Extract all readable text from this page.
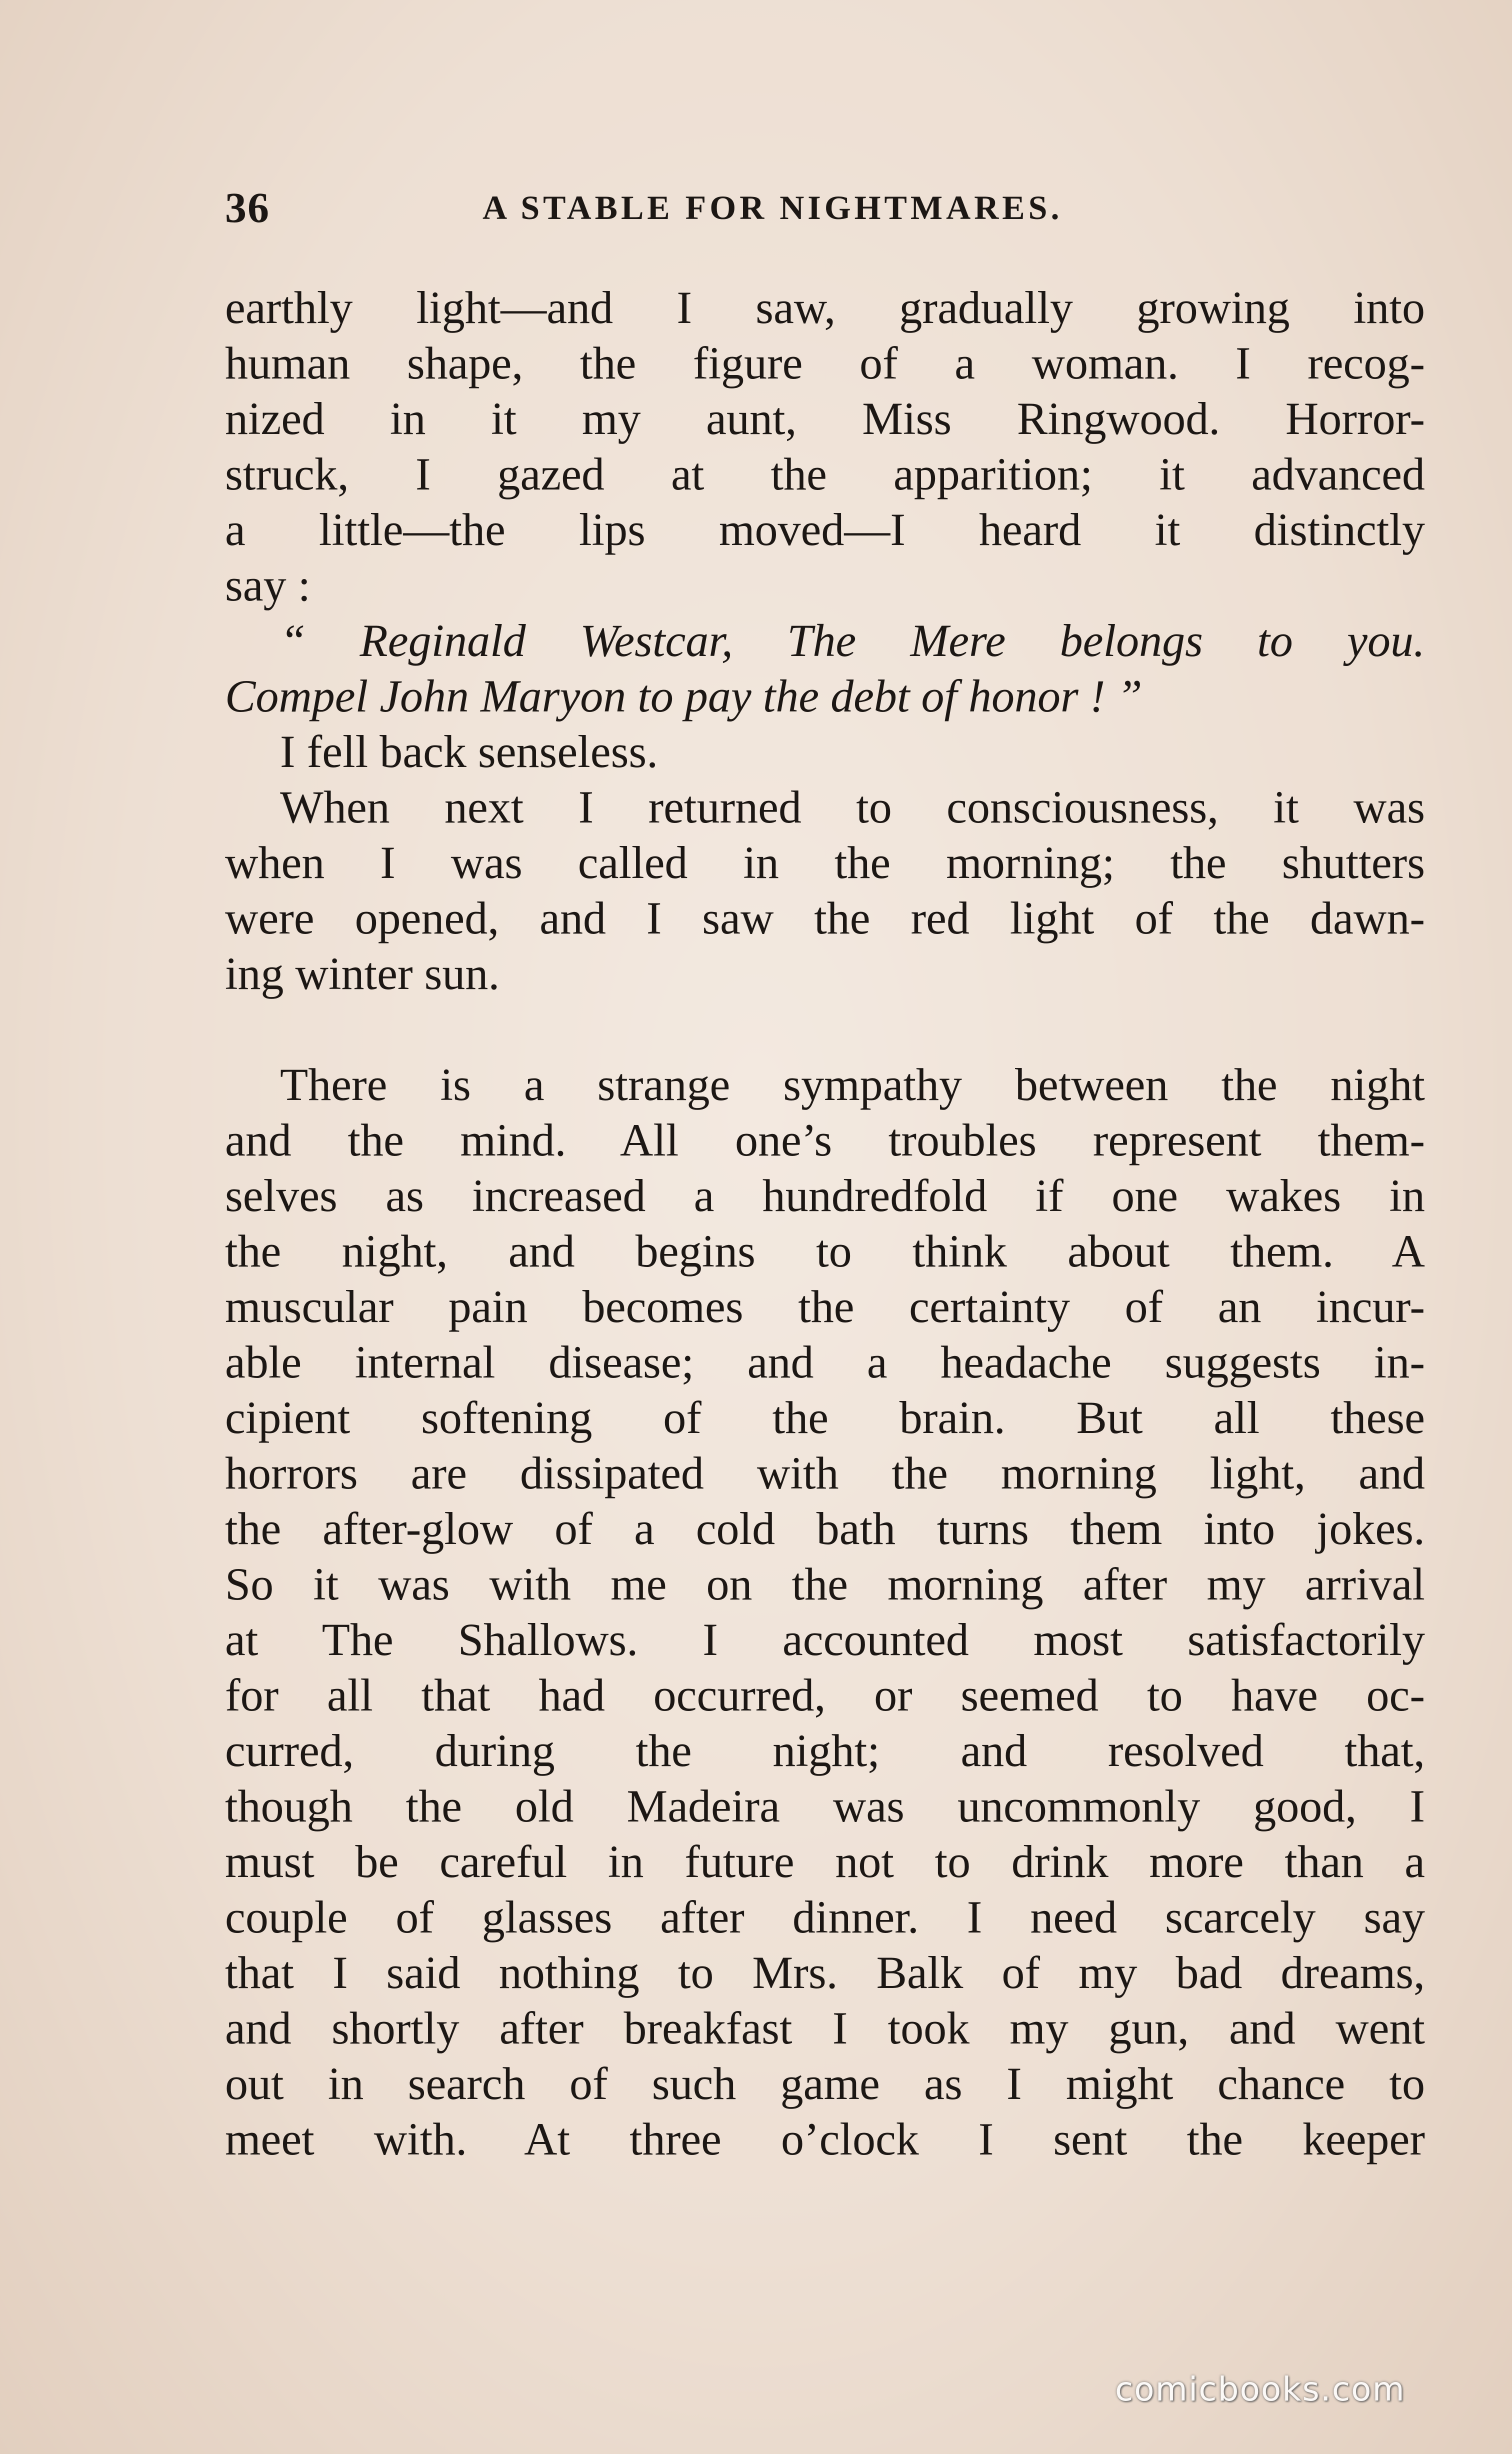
36	A STABLE FOR NIGHTMARES.
earthly light—and I saw, gradually growing into
human shape, the figure of a woman. I recog-
nized in it my aunt, Miss Ringwood. Horror-
struck, I gazed at the apparition; it advanced
a little—the lips moved—I heard it distinctly
say :
“ Reginald Westcar, The Mere belongs to you.
Compel John Maryon to pay the debt of honor ! ”
I fell back senseless.
When next I returned to consciousness, it was
when I was called in the morning; the shutters
were opened, and I saw the red light of the dawn-
ing winter sun.
There is a strange sympathy between the night
and the mind. All one’s troubles represent them-
selves as increased a hundredfold if one wakes in
the night, and begins to think about them. A
muscular pain becomes the certainty of an incur-
able internal disease; and a headache suggests in-
cipient softening of the brain. But all these
horrors are dissipated with the morning light, and
the after-glow of a cold bath turns them into jokes.
So it was with me on the morning after my arrival
at The Shallows. I accounted most satisfactorily
for all that had occurred, or seemed to have oc-
curred, during the night; and resolved that,
though the old Madeira was uncommonly good, I
must be careful in future not to drink more than a
couple of glasses after dinner. I need scarcely say
that I said nothing to Mrs. Balk of my bad dreams,
and shortly after breakfast I took my gun, and went
out in search of such game as I might chance to
meet with. At three o’clock I sent the keeper
comicbooks.com
